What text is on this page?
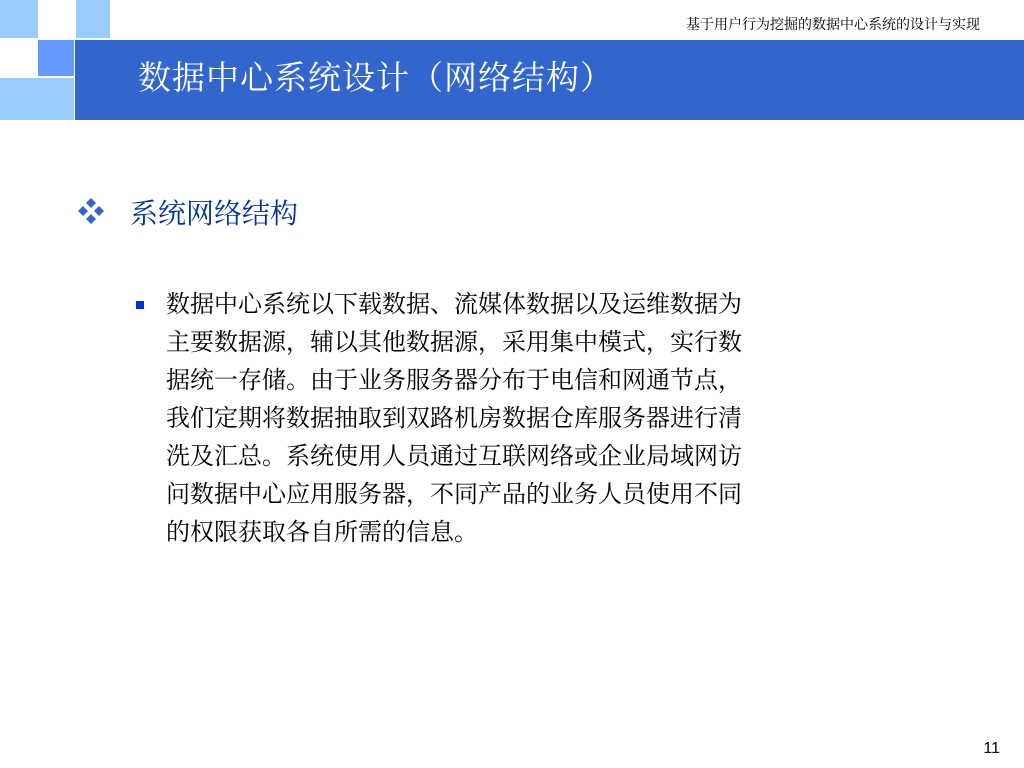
基于用户行为挖掘的数据中心系统的设计与实现
数据中心系统设计（网络结构）
系统网络结构
数据中心系统以下载数据、流媒体数据以及运维数据为
主要数据源，辅以其他数据源，采用集中模式，实行数
据统一存储。由于业务服务器分布于电信和网通节点，
我们定期将数据抽取到双路机房数据仓库服务器进行清
洗及汇总。系统使用人员通过互联网络或企业局域网访
问数据中心应用服务器，不同产品的业务人员使用不同
的权限获取各自所需的信息。
11
